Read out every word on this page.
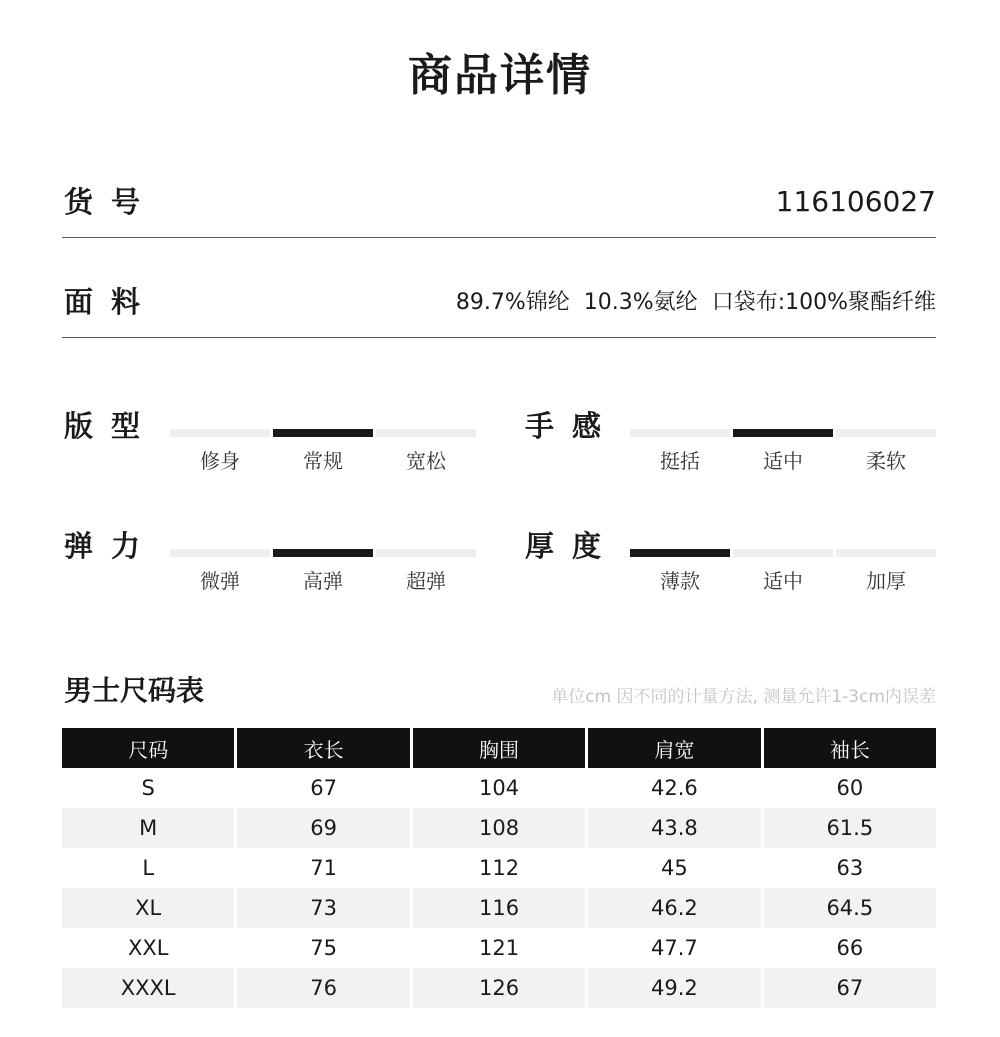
商品详情
货号	116106027
面料	89.7%锦纶 10.3%氨纶 口袋布:100%聚酯纤维
版型
修身	常规	宽松
手感
挺括	适中	柔软
弹力
微弹	高弹	超弹
厚度
薄款	适中	加厚
男士尺码表	单位cm 因不同的计量方法, 测量允许1-3cm内误差
尺码	衣长	胸围	肩宽	袖长
S	67	104	42.6	60
M	69	108	43.8	61.5
L	71	112	45	63
XL	73	116	46.2	64.5
XXL	75	121	47.7	66
XXXL	76	126	49.2	67
